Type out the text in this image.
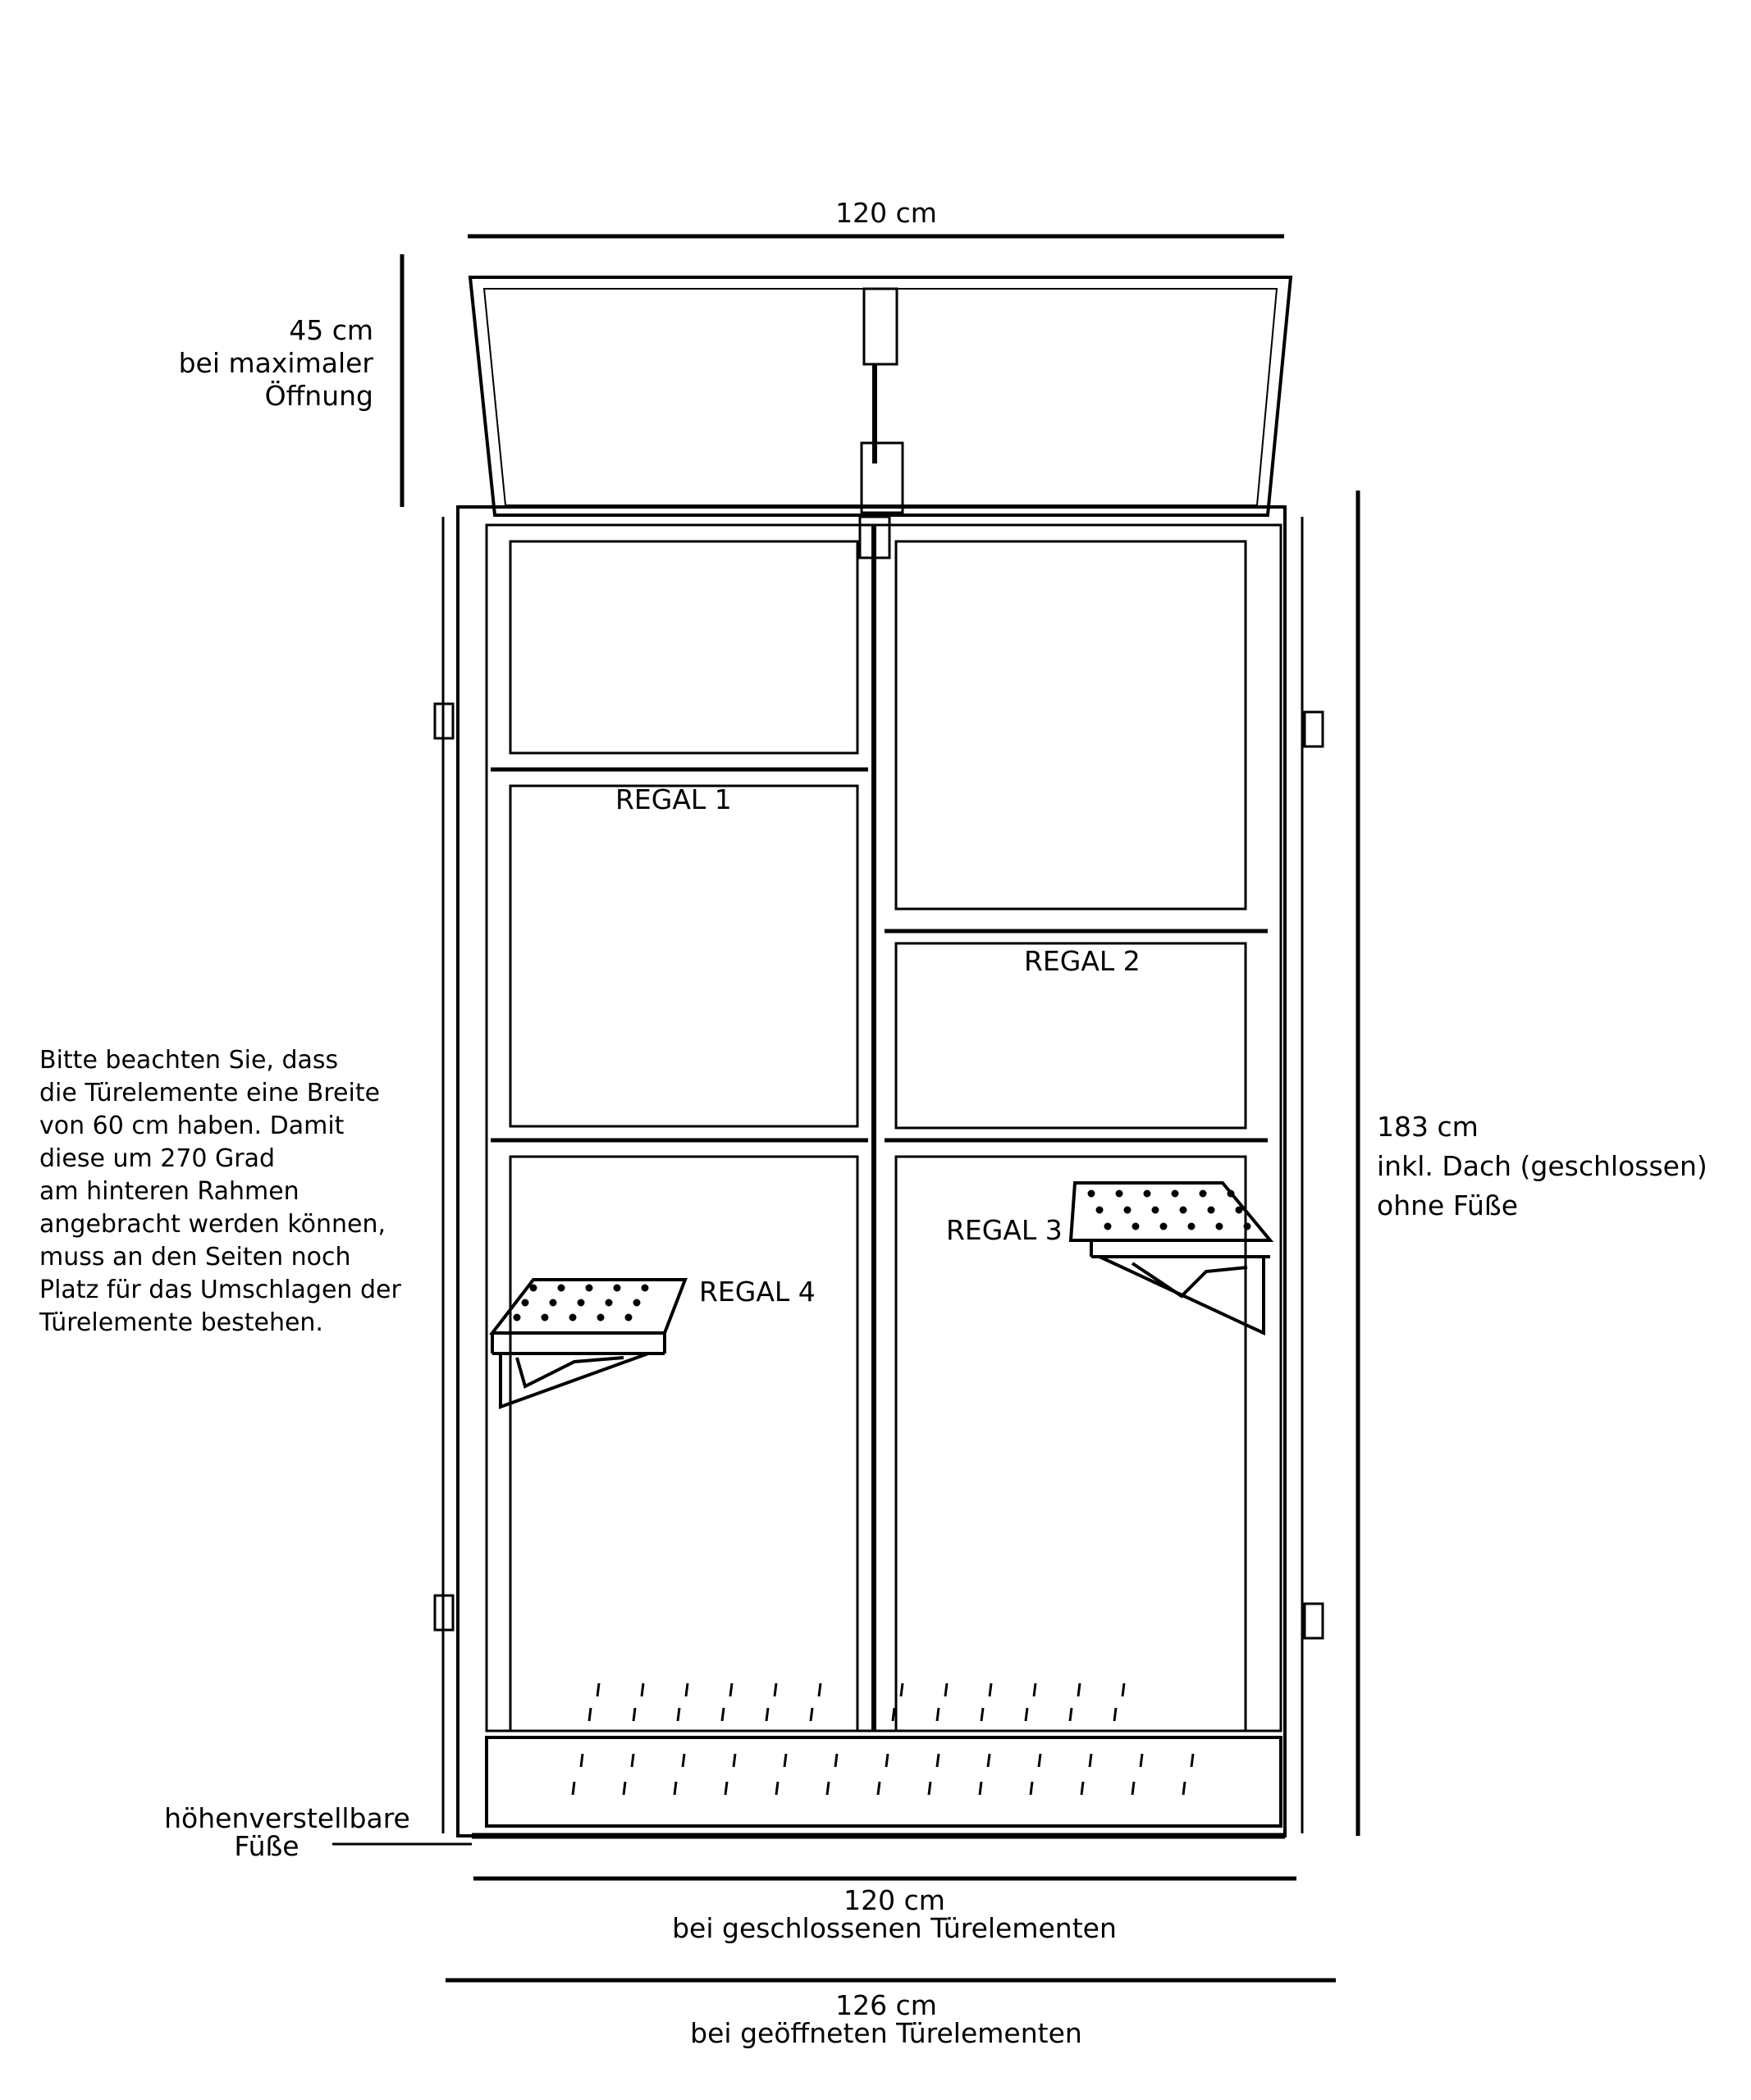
120 cm
45 cm
bei maximaler
Öffnung
REGAL 1
REGAL 2
REGAL 3
REGAL 4
183 cm
inkl. Dach (geschlossen)
ohne Füße
Bitte beachten Sie, dass
die Türelemente eine Breite
von 60 cm haben. Damit
diese um 270 Grad
am hinteren Rahmen
angebracht werden können,
muss an den Seiten noch
Platz für das Umschlagen der
Türelemente bestehen.
höhenverstellbare
Füße
120 cm
bei geschlossenen Türelementen
126 cm
bei geöffneten Türelementen
